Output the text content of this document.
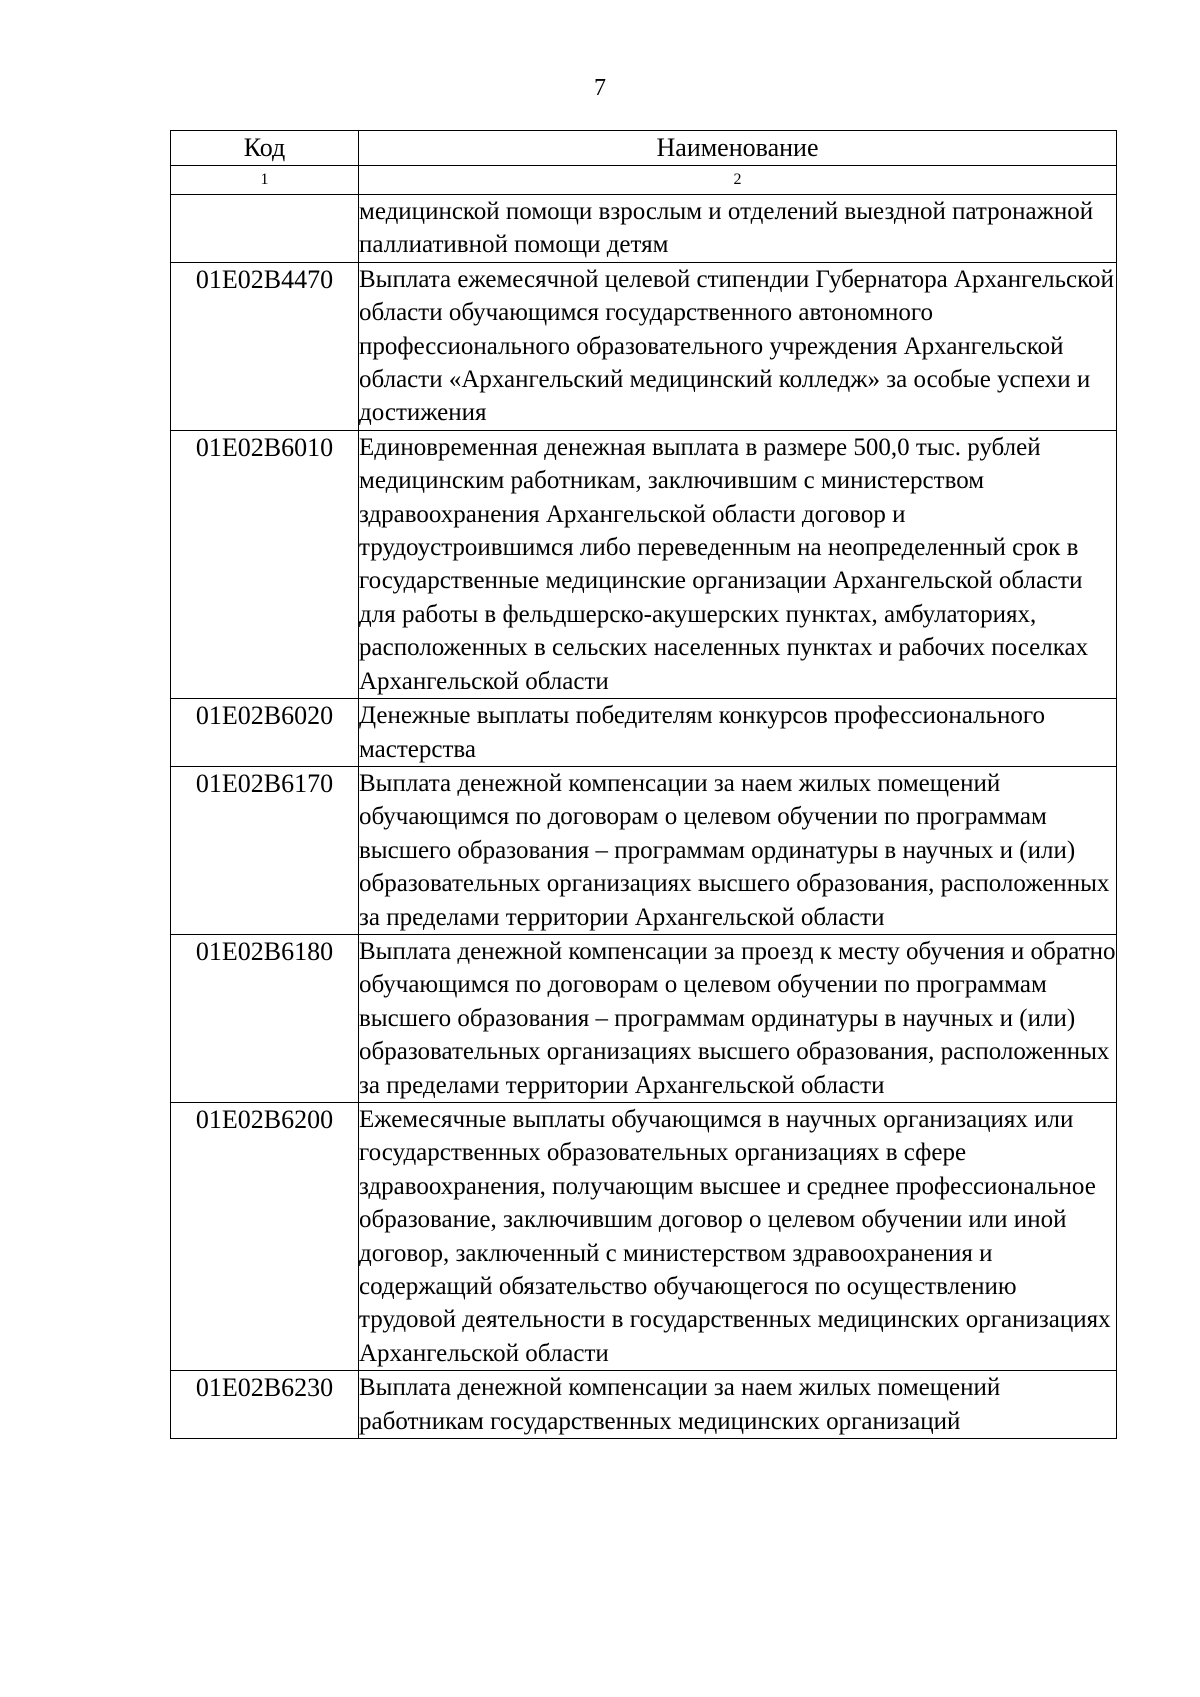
7
Код	Наименование
1	2
	медицинской помощи взрослым и отделений выездной патронажной паллиативной помощи детям
01E02B4470	Выплата ежемесячной целевой стипендии Губернатора Архангельской области обучающимся государственного автономного профессионального образовательного учреждения Архангельской области «Архангельский медицинский колледж» за особые успехи и достижения
01E02B6010	Единовременная денежная выплата в размере 500,0 тыс. рублей медицинским работникам, заключившим с министерством здравоохранения Архангельской области договор и трудоустроившимся либо переведенным на неопределенный срок в государственные медицинские организации Архангельской области для работы в фельдшерско-акушерских пунктах, амбулаториях, расположенных в сельских населенных пунктах и рабочих поселках Архангельской области
01E02B6020	Денежные выплаты победителям конкурсов профессионального мастерства
01E02B6170	Выплата денежной компенсации за наем жилых помещений обучающимся по договорам о целевом обучении по программам высшего образования – программам ординатуры в научных и (или) образовательных организациях высшего образования, расположенных за пределами территории Архангельской области
01E02B6180	Выплата денежной компенсации за проезд к месту обучения и обратно обучающимся по договорам о целевом обучении по программам высшего образования – программам ординатуры в научных и (или) образовательных организациях высшего образования, расположенных за пределами территории Архангельской области
01E02B6200	Ежемесячные выплаты обучающимся в научных организациях или государственных образовательных организациях в сфере здравоохранения, получающим высшее и среднее профессиональное образование, заключившим договор о целевом обучении или иной договор, заключенный с министерством здравоохранения и содержащий обязательство обучающегося по осуществлению трудовой деятельности в государственных медицинских организациях Архангельской области
01E02B6230	Выплата денежной компенсации за наем жилых помещений работникам государственных медицинских организаций
